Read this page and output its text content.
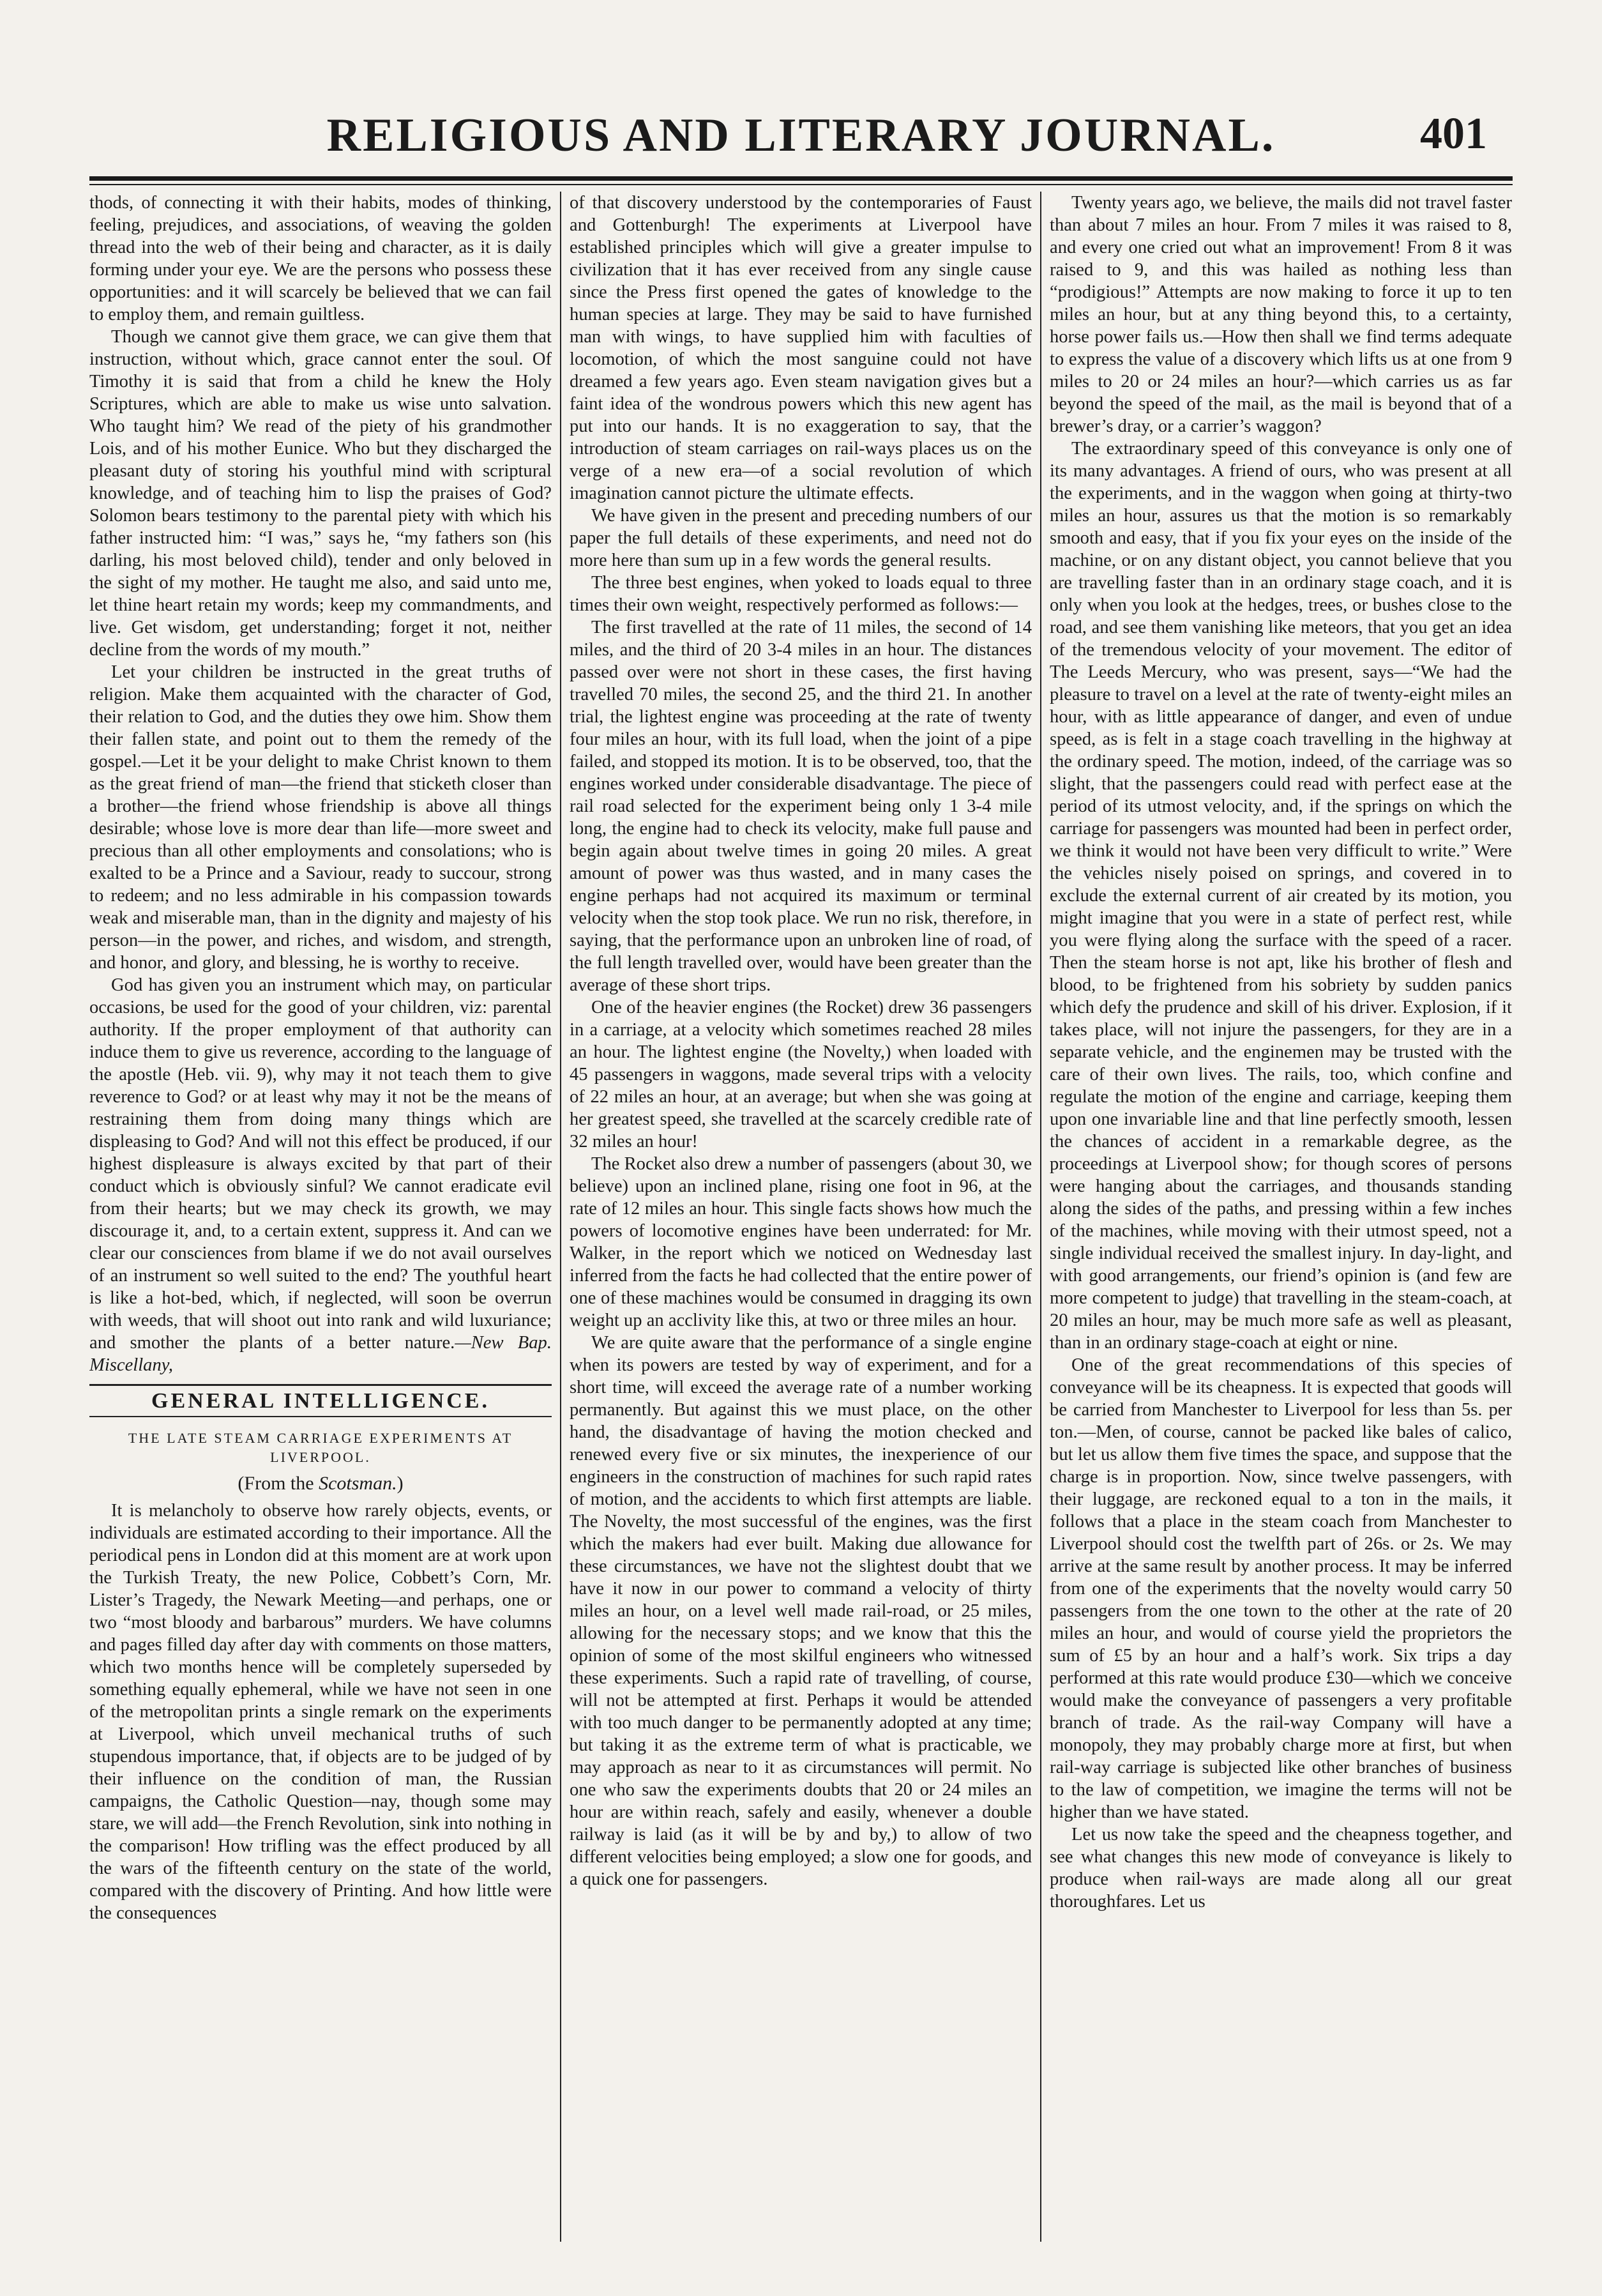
RELIGIOUS AND LITERARY JOURNAL.	401

thods, of connecting it with their habits, modes of thinking, feeling, prejudices, and associations, of weaving the golden thread into the web of their being and character, as it is daily forming under your eye. We are the persons who possess these opportunities: and it will scarcely be believed that we can fail to employ them, and remain guiltless.

Though we cannot give them grace, we can give them that instruction, without which, grace cannot enter the soul. Of Timothy it is said that from a child he knew the Holy Scriptures, which are able to make us wise unto salvation. Who taught him? We read of the piety of his grandmother Lois, and of his mother Eunice. Who but they discharged the pleasant duty of storing his youthful mind with scriptural knowledge, and of teaching him to lisp the praises of God? Solomon bears testimony to the parental piety with which his father instructed him: “I was,” says he, “my fathers son (his darling, his most beloved child), tender and only beloved in the sight of my mother. He taught me also, and said unto me, let thine heart retain my words; keep my commandments, and live. Get wisdom, get understanding; forget it not, neither decline from the words of my mouth.”

Let your children be instructed in the great truths of religion. Make them acquainted with the character of God, their relation to God, and the duties they owe him. Show them their fallen state, and point out to them the remedy of the gospel.—Let it be your delight to make Christ known to them as the great friend of man—the friend that sticketh closer than a brother—the friend whose friendship is above all things desirable; whose love is more dear than life—more sweet and precious than all other employments and consolations; who is exalted to be a Prince and a Saviour, ready to succour, strong to redeem; and no less admirable in his compassion towards weak and miserable man, than in the dignity and majesty of his person—in the power, and riches, and wisdom, and strength, and honor, and glory, and blessing, he is worthy to receive.

God has given you an instrument which may, on particular occasions, be used for the good of your children, viz: parental authority. If the proper employment of that authority can induce them to give us reverence, according to the language of the apostle (Heb. vii. 9), why may it not teach them to give reverence to God? or at least why may it not be the means of restraining them from doing many things which are displeasing to God? And will not this effect be produced, if our highest displeasure is always excited by that part of their conduct which is obviously sinful? We cannot eradicate evil from their hearts; but we may check its growth, we may discourage it, and, to a certain extent, suppress it. And can we clear our consciences from blame if we do not avail ourselves of an instrument so well suited to the end? The youthful heart is like a hot-bed, which, if neglected, will soon be overrun with weeds, that will shoot out into rank and wild luxuriance; and smother the plants of a better nature.—New Bap. Miscellany,

GENERAL INTELLIGENCE.
THE LATE STEAM CARRIAGE EXPERIMENTS AT LIVERPOOL.
(From the Scotsman.)

It is melancholy to observe how rarely objects, events, or individuals are estimated according to their importance. All the periodical pens in London did at this moment are at work upon the Turkish Treaty, the new Police, Cobbett’s Corn, Mr. Lister’s Tragedy, the Newark Meeting—and perhaps, one or two “most bloody and barbarous” murders. We have columns and pages filled day after day with comments on those matters, which two months hence will be completely superseded by something equally ephemeral, while we have not seen in one of the metropolitan prints a single remark on the experiments at Liverpool, which unveil mechanical truths of such stupendous importance, that, if objects are to be judged of by their influence on the condition of man, the Russian campaigns, the Catholic Question—nay, though some may stare, we will add—the French Revolution, sink into nothing in the comparison! How trifling was the effect produced by all the wars of the fifteenth century on the state of the world, compared with the discovery of Printing. And how little were the consequences

of that discovery understood by the contemporaries of Faust and Gottenburgh! The experiments at Liverpool have established principles which will give a greater impulse to civilization that it has ever received from any single cause since the Press first opened the gates of knowledge to the human species at large. They may be said to have furnished man with wings, to have supplied him with faculties of locomotion, of which the most sanguine could not have dreamed a few years ago. Even steam navigation gives but a faint idea of the wondrous powers which this new agent has put into our hands. It is no exaggeration to say, that the introduction of steam carriages on rail-ways places us on the verge of a new era—of a social revolution of which imagination cannot picture the ultimate effects.

We have given in the present and preceding numbers of our paper the full details of these experiments, and need not do more here than sum up in a few words the general results.

The three best engines, when yoked to loads equal to three times their own weight, respectively performed as follows:—

The first travelled at the rate of 11 miles, the second of 14 miles, and the third of 20 3-4 miles in an hour. The distances passed over were not short in these cases, the first having travelled 70 miles, the second 25, and the third 21. In another trial, the lightest engine was proceeding at the rate of twenty four miles an hour, with its full load, when the joint of a pipe failed, and stopped its motion. It is to be observed, too, that the engines worked under considerable disadvantage. The piece of rail road selected for the experiment being only 1 3-4 mile long, the engine had to check its velocity, make full pause and begin again about twelve times in going 20 miles. A great amount of power was thus wasted, and in many cases the engine perhaps had not acquired its maximum or terminal velocity when the stop took place. We run no risk, therefore, in saying, that the performance upon an unbroken line of road, of the full length travelled over, would have been greater than the average of these short trips.

One of the heavier engines (the Rocket) drew 36 passengers in a carriage, at a velocity which sometimes reached 28 miles an hour. The lightest engine (the Novelty,) when loaded with 45 passengers in waggons, made several trips with a velocity of 22 miles an hour, at an average; but when she was going at her greatest speed, she travelled at the scarcely credible rate of 32 miles an hour!

The Rocket also drew a number of passengers (about 30, we believe) upon an inclined plane, rising one foot in 96, at the rate of 12 miles an hour. This single facts shows how much the powers of locomotive engines have been underrated: for Mr. Walker, in the report which we noticed on Wednesday last inferred from the facts he had collected that the entire power of one of these machines would be consumed in dragging its own weight up an acclivity like this, at two or three miles an hour.

We are quite aware that the performance of a single engine when its powers are tested by way of experiment, and for a short time, will exceed the average rate of a number working permanently. But against this we must place, on the other hand, the disadvantage of having the motion checked and renewed every five or six minutes, the inexperience of our engineers in the construction of machines for such rapid rates of motion, and the accidents to which first attempts are liable. The Novelty, the most successful of the engines, was the first which the makers had ever built. Making due allowance for these circumstances, we have not the slightest doubt that we have it now in our power to command a velocity of thirty miles an hour, on a level well made rail-road, or 25 miles, allowing for the necessary stops; and we know that this the opinion of some of the most skilful engineers who witnessed these experiments. Such a rapid rate of travelling, of course, will not be attempted at first. Perhaps it would be attended with too much danger to be permanently adopted at any time; but taking it as the extreme term of what is practicable, we may approach as near to it as circumstances will permit. No one who saw the experiments doubts that 20 or 24 miles an hour are within reach, safely and easily, whenever a double railway is laid (as it will be by and by,) to allow of two different velocities being employed; a slow one for goods, and a quick one for passengers.

Twenty years ago, we believe, the mails did not travel faster than about 7 miles an hour. From 7 miles it was raised to 8, and every one cried out what an improvement! From 8 it was raised to 9, and this was hailed as nothing less than “prodigious!” Attempts are now making to force it up to ten miles an hour, but at any thing beyond this, to a certainty, horse power fails us.—How then shall we find terms adequate to express the value of a discovery which lifts us at one from 9 miles to 20 or 24 miles an hour?—which carries us as far beyond the speed of the mail, as the mail is beyond that of a brewer’s dray, or a carrier’s waggon?

The extraordinary speed of this conveyance is only one of its many advantages. A friend of ours, who was present at all the experiments, and in the waggon when going at thirty-two miles an hour, assures us that the motion is so remarkably smooth and easy, that if you fix your eyes on the inside of the machine, or on any distant object, you cannot believe that you are travelling faster than in an ordinary stage coach, and it is only when you look at the hedges, trees, or bushes close to the road, and see them vanishing like meteors, that you get an idea of the tremendous velocity of your movement. The editor of The Leeds Mercury, who was present, says—“We had the pleasure to travel on a level at the rate of twenty-eight miles an hour, with as little appearance of danger, and even of undue speed, as is felt in a stage coach travelling in the highway at the ordinary speed. The motion, indeed, of the carriage was so slight, that the passengers could read with perfect ease at the period of its utmost velocity, and, if the springs on which the carriage for passengers was mounted had been in perfect order, we think it would not have been very difficult to write.” Were the vehicles nisely poised on springs, and covered in to exclude the external current of air created by its motion, you might imagine that you were in a state of perfect rest, while you were flying along the surface with the speed of a racer. Then the steam horse is not apt, like his brother of flesh and blood, to be frightened from his sobriety by sudden panics which defy the prudence and skill of his driver. Explosion, if it takes place, will not injure the passengers, for they are in a separate vehicle, and the enginemen may be trusted with the care of their own lives. The rails, too, which confine and regulate the motion of the engine and carriage, keeping them upon one invariable line and that line perfectly smooth, lessen the chances of accident in a remarkable degree, as the proceedings at Liverpool show; for though scores of persons were hanging about the carriages, and thousands standing along the sides of the paths, and pressing within a few inches of the machines, while moving with their utmost speed, not a single individual received the smallest injury. In day-light, and with good arrangements, our friend’s opinion is (and few are more competent to judge) that travelling in the steam-coach, at 20 miles an hour, may be much more safe as well as pleasant, than in an ordinary stage-coach at eight or nine.

One of the great recommendations of this species of conveyance will be its cheapness. It is expected that goods will be carried from Manchester to Liverpool for less than 5s. per ton.—Men, of course, cannot be packed like bales of calico, but let us allow them five times the space, and suppose that the charge is in proportion. Now, since twelve passengers, with their luggage, are reckoned equal to a ton in the mails, it follows that a place in the steam coach from Manchester to Liverpool should cost the twelfth part of 26s. or 2s. We may arrive at the same result by another process. It may be inferred from one of the experiments that the novelty would carry 50 passengers from the one town to the other at the rate of 20 miles an hour, and would of course yield the proprietors the sum of £5 by an hour and a half’s work. Six trips a day performed at this rate would produce £30—which we conceive would make the conveyance of passengers a very profitable branch of trade. As the rail-way Company will have a monopoly, they may probably charge more at first, but when rail-way carriage is subjected like other branches of business to the law of competition, we imagine the terms will not be higher than we have stated.

Let us now take the speed and the cheapness together, and see what changes this new mode of conveyance is likely to produce when rail-ways are made along all our great thoroughfares. Let us
